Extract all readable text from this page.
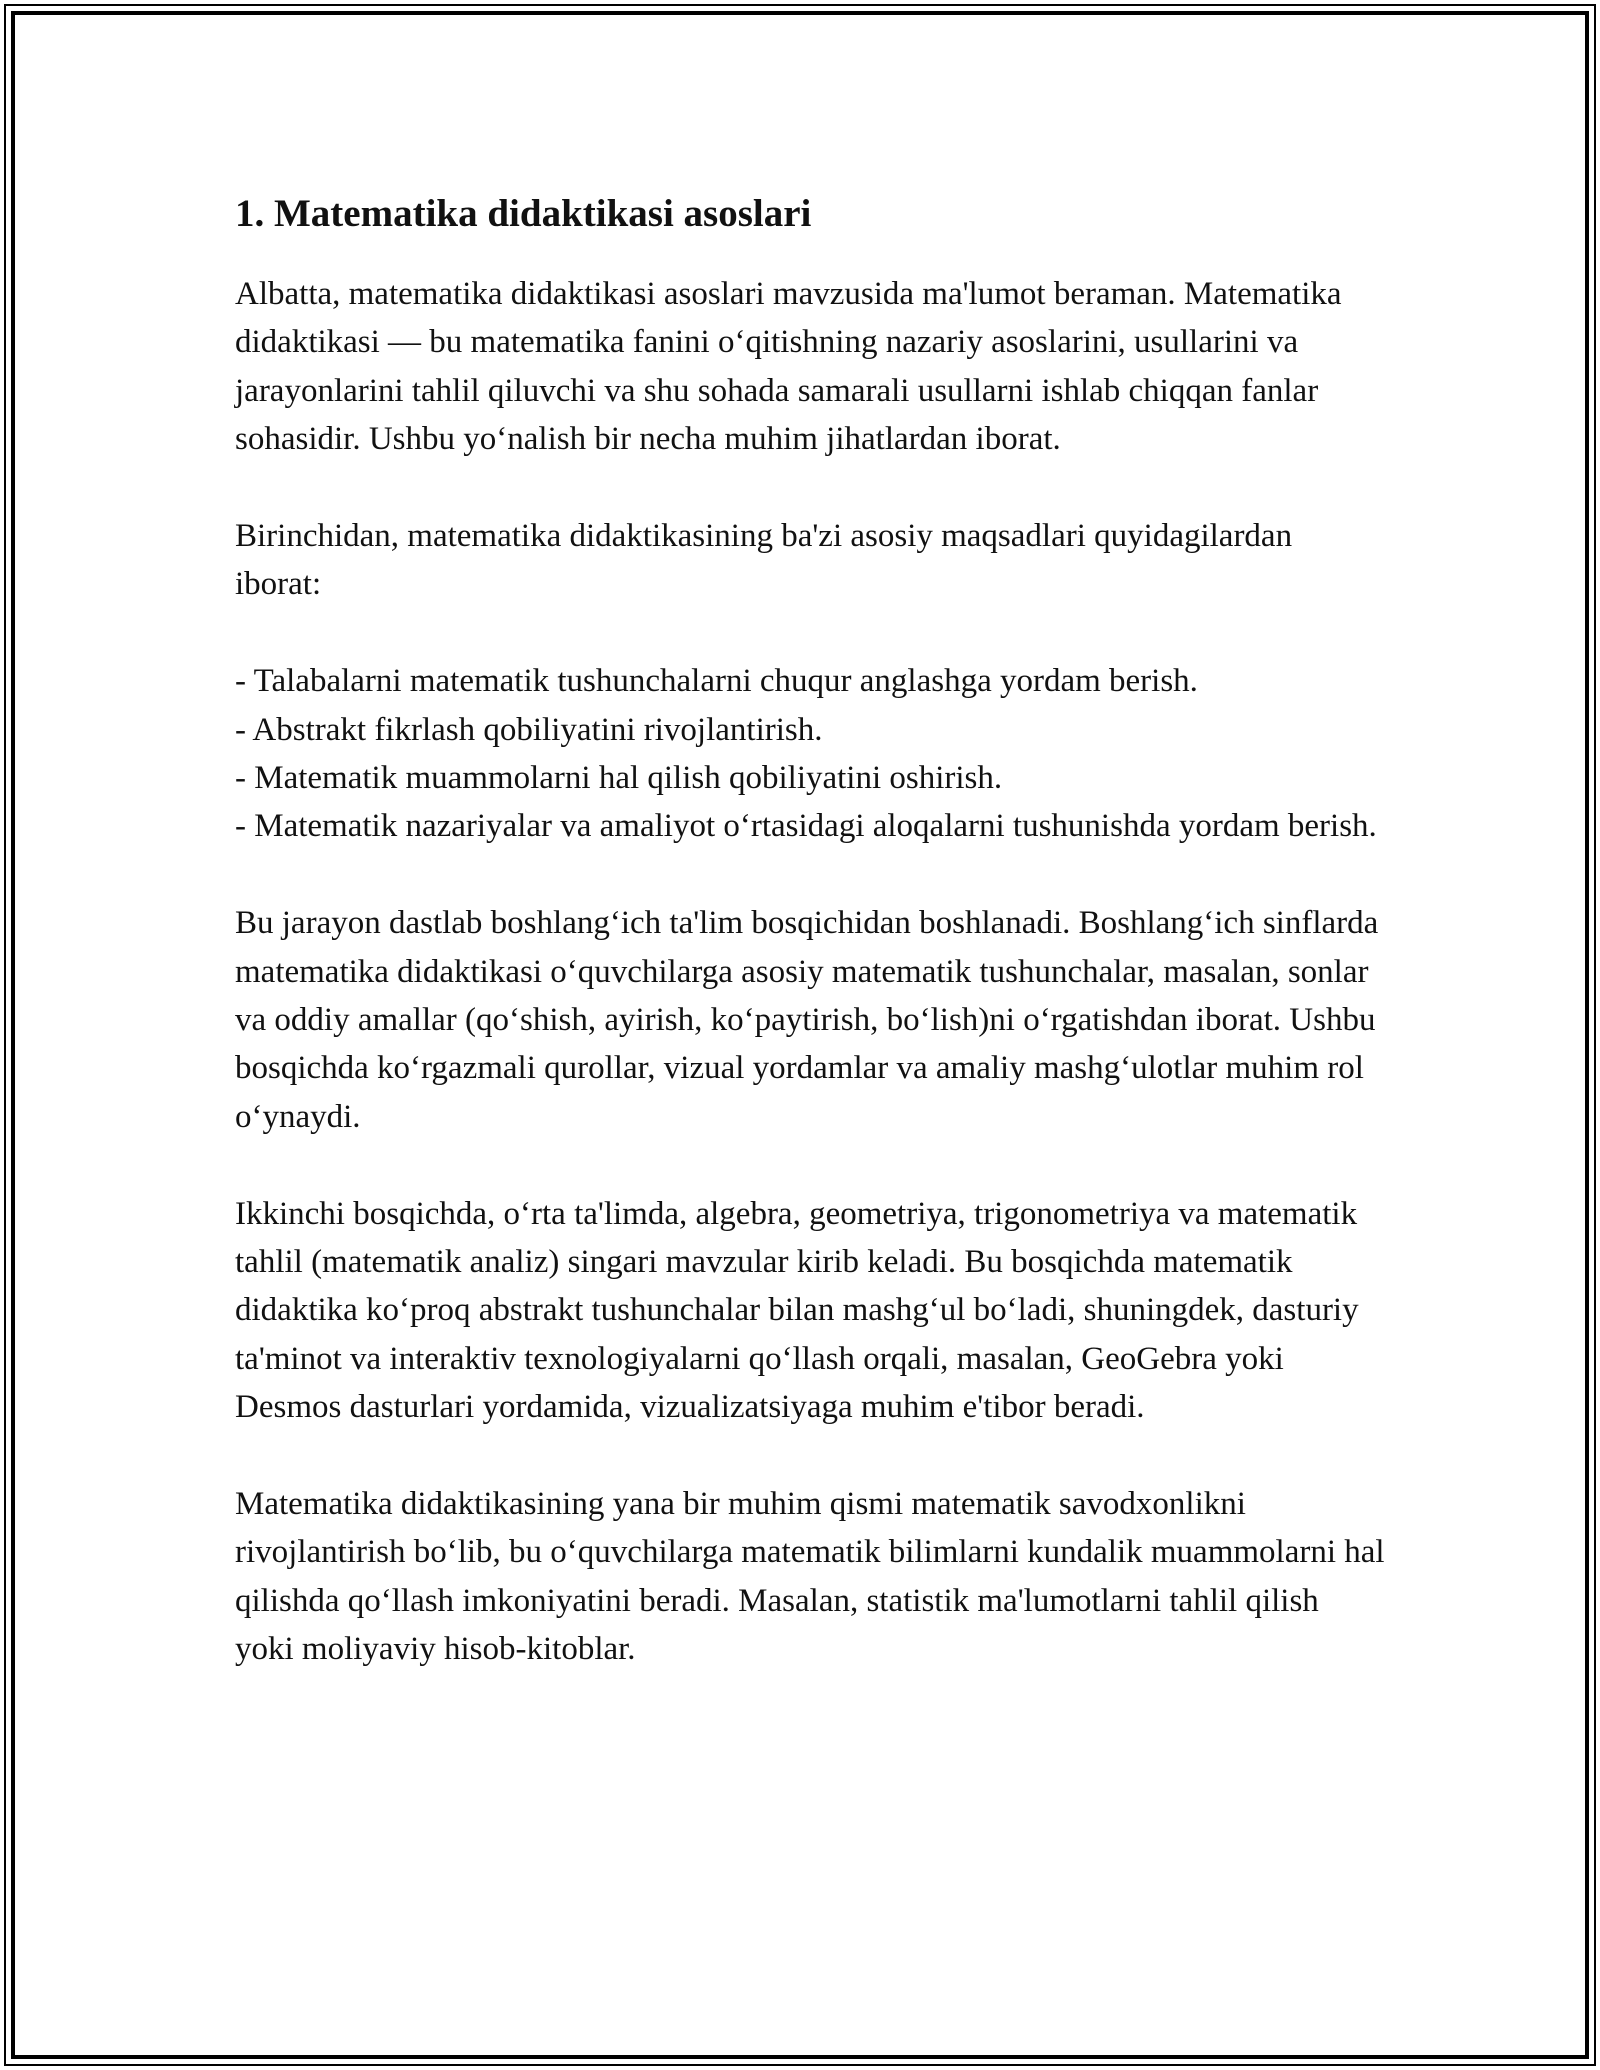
1. Matematika didaktikasi asoslari

Albatta, matematika didaktikasi asoslari mavzusida ma'lumot beraman. Matematika didaktikasi — bu matematika fanini oʻqitishning nazariy asoslarini, usullarini va jarayonlarini tahlil qiluvchi va shu sohada samarali usullarni ishlab chiqqan fanlar sohasidir. Ushbu yoʻnalish bir necha muhim jihatlardan iborat.

Birinchidan, matematika didaktikasining ba'zi asosiy maqsadlari quyidagilardan iborat:

- Talabalarni matematik tushunchalarni chuqur anglashga yordam berish.
- Abstrakt fikrlash qobiliyatini rivojlantirish.
- Matematik muammolarni hal qilish qobiliyatini oshirish.
- Matematik nazariyalar va amaliyot oʻrtasidagi aloqalarni tushunishda yordam berish.

Bu jarayon dastlab boshlangʻich ta'lim bosqichidan boshlanadi. Boshlangʻich sinflarda matematika didaktikasi oʻquvchilarga asosiy matematik tushunchalar, masalan, sonlar va oddiy amallar (qoʻshish, ayirish, koʻpaytirish, boʻlish)ni oʻrgatishdan iborat. Ushbu bosqichda koʻrgazmali qurollar, vizual yordamlar va amaliy mashgʻulotlar muhim rol oʻynaydi.

Ikkinchi bosqichda, oʻrta ta'limda, algebra, geometriya, trigonometriya va matematik tahlil (matematik analiz) singari mavzular kirib keladi. Bu bosqichda matematik didaktika koʻproq abstrakt tushunchalar bilan mashgʻul boʻladi, shuningdek, dasturiy ta'minot va interaktiv texnologiyalarni qoʻllash orqali, masalan, GeoGebra yoki Desmos dasturlari yordamida, vizualizatsiyaga muhim e'tibor beradi.

Matematika didaktikasining yana bir muhim qismi matematik savodxonlikni rivojlantirish boʻlib, bu oʻquvchilarga matematik bilimlarni kundalik muammolarni hal qilishda qoʻllash imkoniyatini beradi. Masalan, statistik ma'lumotlarni tahlil qilish yoki moliyaviy hisob-kitoblar.
